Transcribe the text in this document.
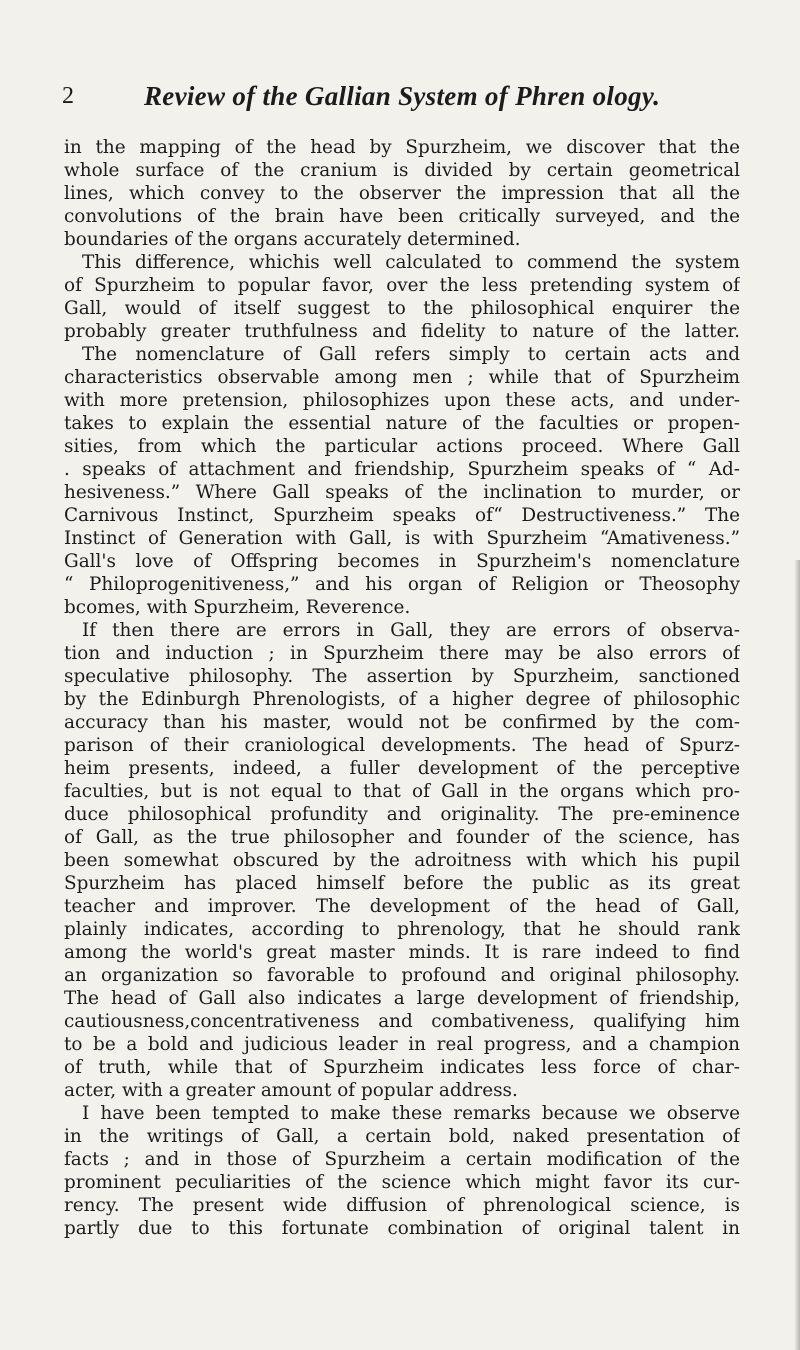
2	Review of the Gallian System of Phren ology.
in the mapping of the head by Spurzheim, we discover that the
whole surface of the cranium is divided by certain geometrical
lines, which convey to the observer the impression that all the
convolutions of the brain have been critically surveyed, and the
boundaries of the organs accurately determined.
This difference, whichis well calculated to commend the system
of Spurzheim to popular favor, over the less pretending system of
Gall, would of itself suggest to the philosophical enquirer the
probably greater truthfulness and fidelity to nature of the latter.
The nomenclature of Gall refers simply to certain acts and
characteristics observable among men ; while that of Spurzheim
with more pretension, philosophizes upon these acts, and under-
takes to explain the essential nature of the faculties or propen-
sities, from which the particular actions proceed. Where Gall
. speaks of attachment and friendship, Spurzheim speaks of “ Ad-
hesiveness.” Where Gall speaks of the inclination to murder, or
Carnivous Instinct, Spurzheim speaks of“ Destructiveness.” The
Instinct of Generation with Gall, is with Spurzheim “Amativeness.”
Gall's love of Offspring becomes in Spurzheim's nomenclature
“ Philoprogenitiveness,” and his organ of Religion or Theosophy
bcomes, with Spurzheim, Reverence.
If then there are errors in Gall, they are errors of observa-
tion and induction ; in Spurzheim there may be also errors of
speculative philosophy. The assertion by Spurzheim, sanctioned
by the Edinburgh Phrenologists, of a higher degree of philosophic
accuracy than his master, would not be confirmed by the com-
parison of their craniological developments. The head of Spurz-
heim presents, indeed, a fuller development of the perceptive
faculties, but is not equal to that of Gall in the organs which pro-
duce philosophical profundity and originality. The pre-eminence
of Gall, as the true philosopher and founder of the science, has
been somewhat obscured by the adroitness with which his pupil
Spurzheim has placed himself before the public as its great
teacher and improver. The development of the head of Gall,
plainly indicates, according to phrenology, that he should rank
among the world's great master minds. It is rare indeed to find
an organization so favorable to profound and original philosophy.
The head of Gall also indicates a large development of friendship,
cautiousness,concentrativeness and combativeness, qualifying him
to be a bold and judicious leader in real progress, and a champion
of truth, while that of Spurzheim indicates less force of char-
acter, with a greater amount of popular address.
I have been tempted to make these remarks because we observe
in the writings of Gall, a certain bold, naked presentation of
facts ; and in those of Spurzheim a certain modification of the
prominent peculiarities of the science which might favor its cur-
rency. The present wide diffusion of phrenological science, is
partly due to this fortunate combination of original talent in
